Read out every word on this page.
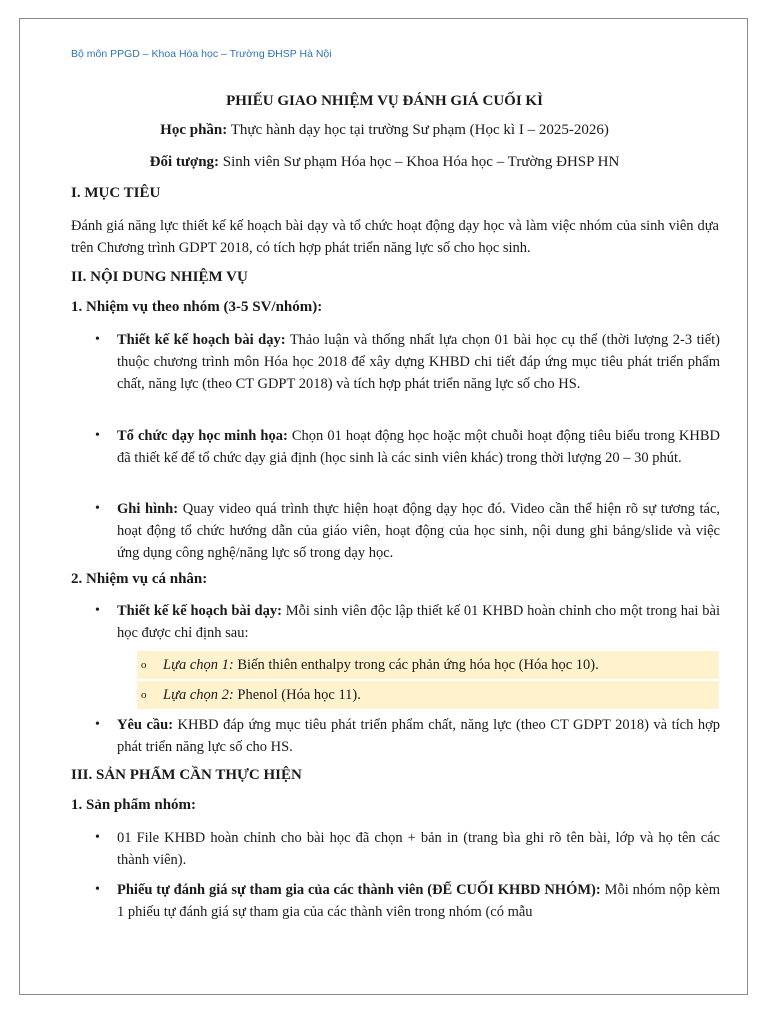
Bộ môn PPGD – Khoa Hóa học – Trường ĐHSP Hà Nội
PHIẾU GIAO NHIỆM VỤ ĐÁNH GIÁ CUỐI KÌ
Học phần: Thực hành dạy học tại trường Sư phạm (Học kì I – 2025-2026)
Đối tượng: Sinh viên Sư phạm Hóa học – Khoa Hóa học – Trường ĐHSP HN
I. MỤC TIÊU
Đánh giá năng lực thiết kế kế hoạch bài dạy và tổ chức hoạt động dạy học và làm việc nhóm của sinh viên dựa trên Chương trình GDPT 2018, có tích hợp phát triển năng lực số cho học sinh.
II. NỘI DUNG NHIỆM VỤ
1. Nhiệm vụ theo nhóm (3-5 SV/nhóm):
• Thiết kế kế hoạch bài dạy: Thảo luận và thống nhất lựa chọn 01 bài học cụ thể (thời lượng 2-3 tiết) thuộc chương trình môn Hóa học 2018 để xây dựng KHBD chi tiết đáp ứng mục tiêu phát triển phẩm chất, năng lực (theo CT GDPT 2018) và tích hợp phát triển năng lực số cho HS.
• Tổ chức dạy học minh họa: Chọn 01 hoạt động học hoặc một chuỗi hoạt động tiêu biểu trong KHBD đã thiết kế để tổ chức dạy giả định (học sinh là các sinh viên khác) trong thời lượng 20 – 30 phút.
• Ghi hình: Quay video quá trình thực hiện hoạt động dạy học đó. Video cần thể hiện rõ sự tương tác, hoạt động tổ chức hướng dẫn của giáo viên, hoạt động của học sinh, nội dung ghi bảng/slide và việc ứng dụng công nghệ/năng lực số trong dạy học.
2. Nhiệm vụ cá nhân:
• Thiết kế kế hoạch bài dạy: Mỗi sinh viên độc lập thiết kế 01 KHBD hoàn chỉnh cho một trong hai bài học được chỉ định sau:
o Lựa chọn 1: Biến thiên enthalpy trong các phản ứng hóa học (Hóa học 10).
o Lựa chọn 2: Phenol (Hóa học 11).
• Yêu cầu: KHBD đáp ứng mục tiêu phát triển phẩm chất, năng lực (theo CT GDPT 2018) và tích hợp phát triển năng lực số cho HS.
III. SẢN PHẨM CẦN THỰC HIỆN
1. Sản phẩm nhóm:
• 01 File KHBD hoàn chỉnh cho bài học đã chọn + bản in (trang bìa ghi rõ tên bài, lớp và họ tên các thành viên).
• Phiếu tự đánh giá sự tham gia của các thành viên (ĐỂ CUỐI KHBD NHÓM): Mỗi nhóm nộp kèm 1 phiếu tự đánh giá sự tham gia của các thành viên trong nhóm (có mẫu
